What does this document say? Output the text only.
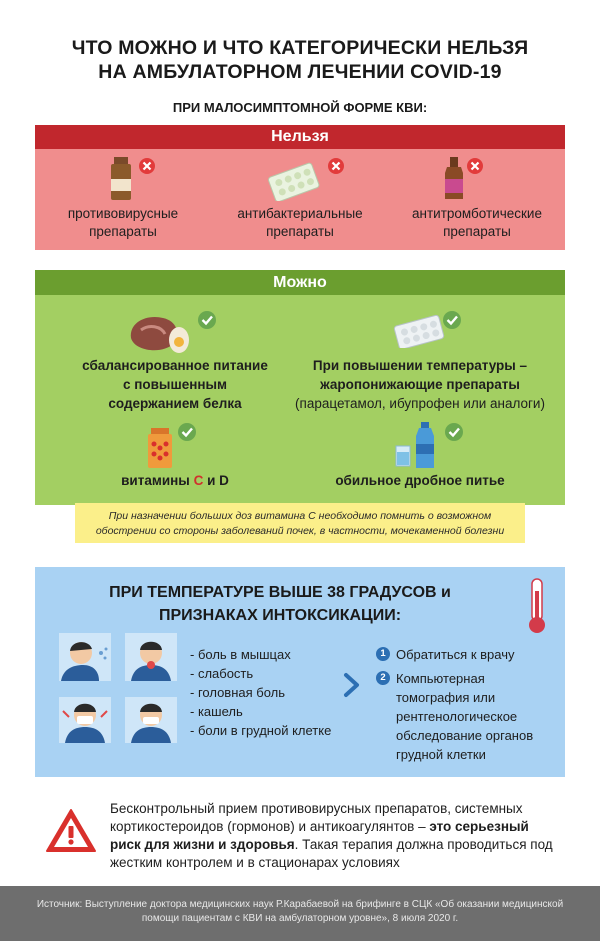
ЧТО МОЖНО И ЧТО КАТЕГОРИЧЕСКИ НЕЛЬЗЯ
НА АМБУЛАТОРНОМ ЛЕЧЕНИИ COVID-19
ПРИ МАЛОСИМПТОМНОЙ ФОРМЕ КВИ:
Нельзя
противовирусные
препараты
антибактериальные
препараты
антитромботические
препараты
Можно
сбалансированное питание
с повышенным
содержанием белка
При повышении температуры –
жаропонижающие препараты
(парацетамол, ибупрофен или аналоги)
витамины С и D	обильное дробное питье
При назначении больших доз витамина С необходимо помнить о возможном
обострении со стороны заболеваний почек, в частности, мочекаменной болезни
ПРИ ТЕМПЕРАТУРЕ ВЫШЕ 38 ГРАДУСОВ и
ПРИЗНАКАХ ИНТОКСИКАЦИИ:
- боль в мышцах
- слабость
- головная боль
- кашель
- боли в грудной клетке
1 Обратиться к врачу
2 Компьютерная
томография или
рентгенологическое
обследование органов
грудной клетки
Бесконтрольный прием противовирусных препаратов, системных
кортикостероидов (гормонов) и антикоагулянтов – это серьезный
риск для жизни и здоровья. Такая терапия должна проводиться под
жестким контролем и в стационарах условиях
Источник: Выступление доктора медицинских наук Р.Карабаевой на брифинге в СЦК «Об оказании медицинской
помощи пациентам с КВИ на амбулаторном уровне», 8 июля 2020 г.
